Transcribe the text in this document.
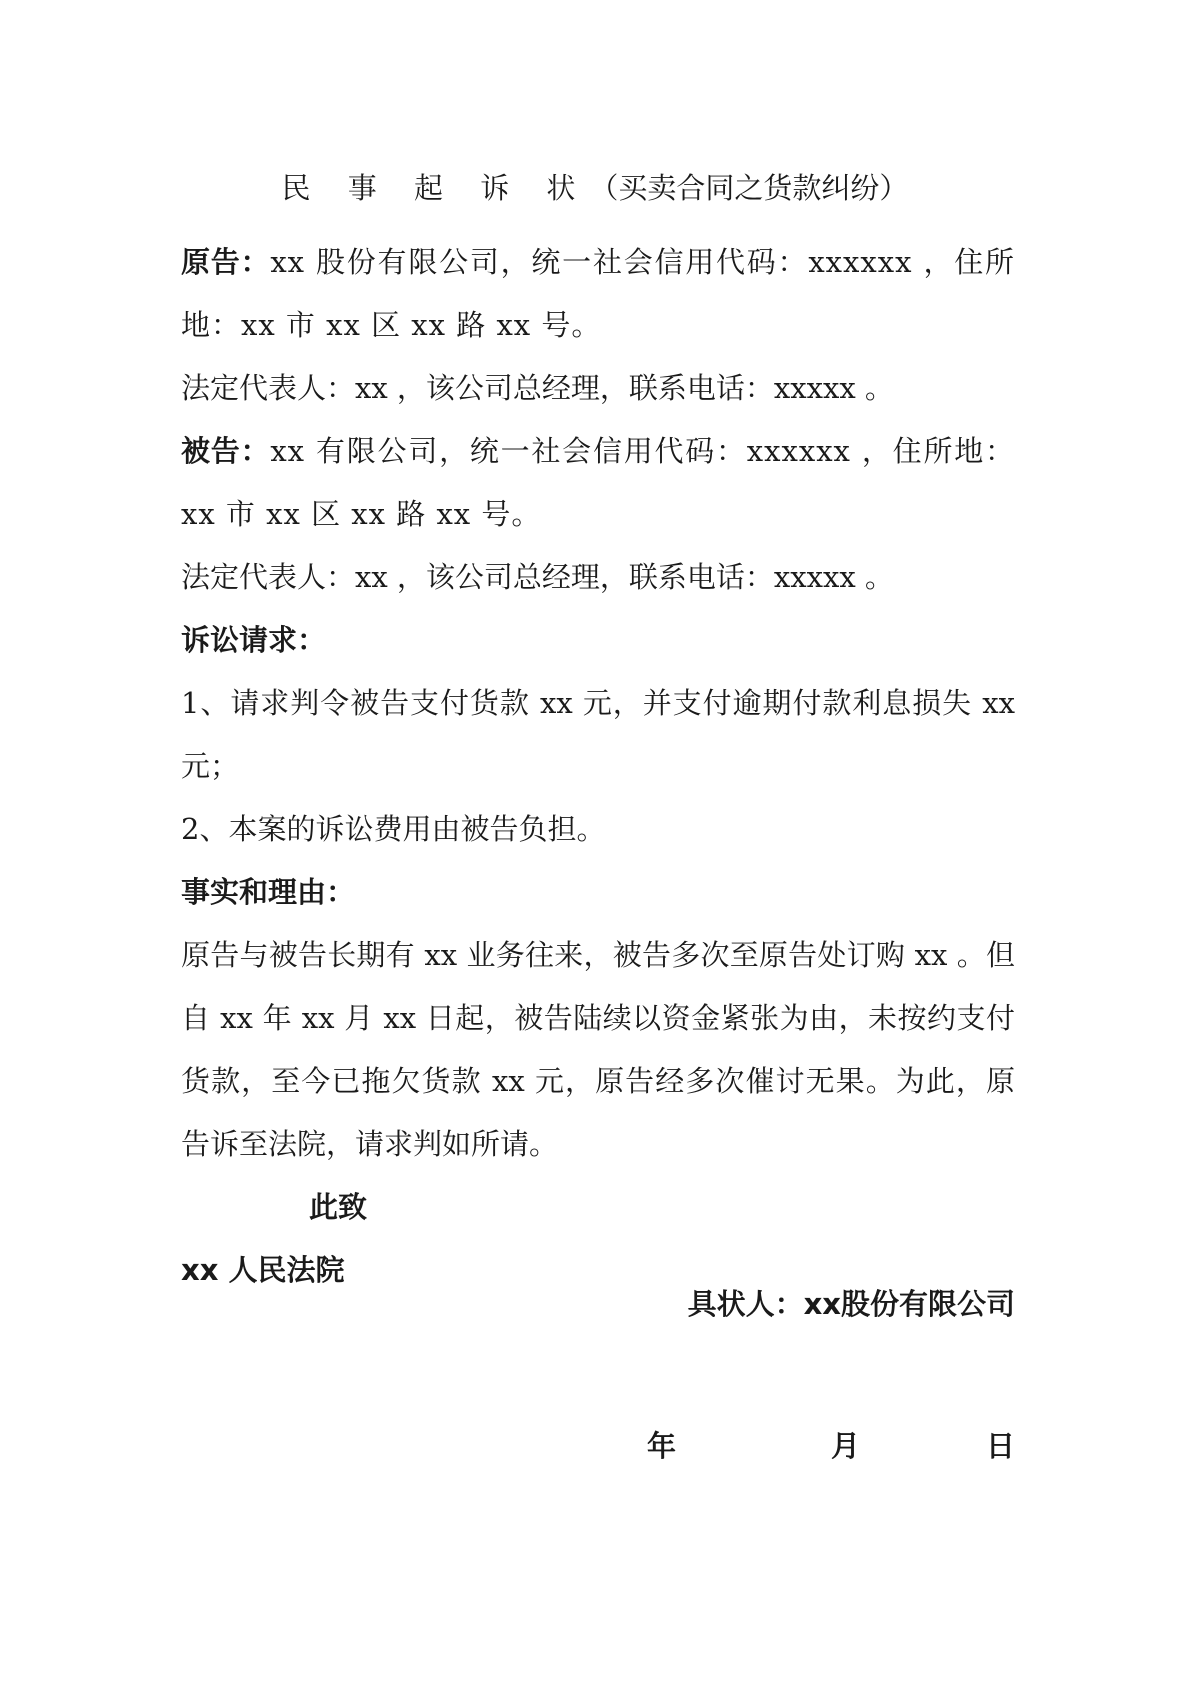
民 事 起 诉 状（买卖合同之货款纠纷）

原告：xx 股份有限公司，统一社会信用代码：xxxxxx ，住所地：xx 市 xx 区 xx 路 xx 号。

法定代表人：xx ，该公司总经理，联系电话：xxxxx 。

被告：xx 有限公司，统一社会信用代码：xxxxxx ，住所地：xx 市 xx 区 xx 路 xx 号。

法定代表人：xx ，该公司总经理，联系电话：xxxxx 。

诉讼请求：

1、请求判令被告支付货款 xx 元，并支付逾期付款利息损失 xx 元；

2、本案的诉讼费用由被告负担。

事实和理由：

原告与被告长期有 xx 业务往来，被告多次至原告处订购 xx 。但自 xx 年 xx 月 xx 日起，被告陆续以资金紧张为由，未按约支付货款，至今已拖欠货款 xx 元，原告经多次催讨无果。为此，原告诉至法院，请求判如所请。

此致

xx 人民法院

具状人：xx股份有限公司
年	月	日
